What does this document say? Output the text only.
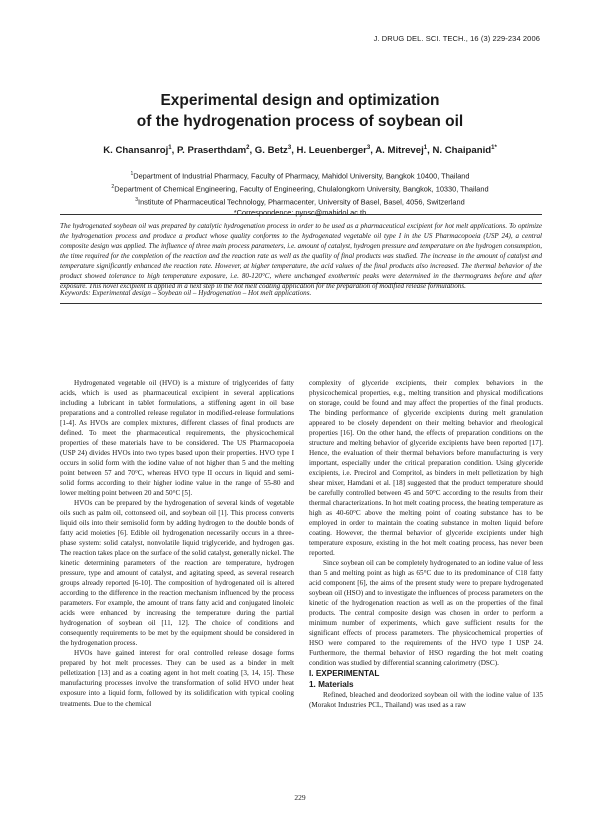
J. DRUG DEL. SCI. TECH., 16 (3) 229-234 2006
Experimental design and optimization
of the hydrogenation process of soybean oil
K. Chansanroj$^1$, P. Praserthdam$^2$, G. Betz$^3$, H. Leuenberger$^3$, A. Mitrevej$^1$, N. Chaipanid$^{1*}$
$^1$Department of Industrial Pharmacy, Faculty of Pharmacy, Mahidol University, Bangkok 10400, Thailand
$^2$Department of Chemical Engineering, Faculty of Engineering, Chulalongkorn University, Bangkok, 10330, Thailand
$^3$Institute of Pharmaceutical Technology, Pharmacenter, University of Basel, Basel, 4056, Switzerland
*Correspondence: pynsc@mahidol.ac.th
The hydrogenated soybean oil was prepared by catalytic hydrogenation process in order to be used as a pharmaceutical excipient for hot melt applications. To optimize the hydrogenation process and produce a product whose quality conforms to the hydrogenated vegetable oil type I in the US Pharmacopoeia (USP 24), a central composite design was applied. The influence of three main process parameters, i.e. amount of catalyst, hydrogen pressure and temperature on the hydrogen consumption, the time required for the completion of the reaction and the reaction rate as well as the quality of final products was studied. The increase in the amount of catalyst and temperature significantly enhanced the reaction rate. However, at higher temperature, the acid values of the final products also increased. The thermal behavior of the product showed tolerance to high temperature exposure, i.e. 80-120°C, where unchanged exothermic peaks were determined in the thermograms before and after exposure. This novel excipient is applied in a next step in the hot melt coating application for the preparation of modified release formulations.
Keywords: Experimental design – Soybean oil – Hydrogenation – Hot melt applications.

Hydrogenated vegetable oil (HVO) is a mixture of triglycerides of fatty acids, which is used as pharmaceutical excipient in several applications including a lubricant in tablet formulations, a stiffening agent in oil base preparations and a controlled release regulator in modified-release formulations [1-4]. As HVOs are complex mixtures, different classes of final products are defined. To meet the pharmaceutical requirements, the physicochemical properties of these materials have to be considered. The US Pharmacopoeia (USP 24) divides HVOs into two types based upon their properties. HVO type I occurs in solid form with the iodine value of not higher than 5 and the melting point between 57 and 70°C, whereas HVO type II occurs in liquid and semi-solid forms according to their higher iodine value in the range of 55-80 and lower melting point between 20 and 50°C [5].

HVOs can be prepared by the hydrogenation of several kinds of vegetable oils such as palm oil, cottonseed oil, and soybean oil [1]. This process converts liquid oils into their semisolid form by adding hydrogen to the double bonds of fatty acid moieties [6]. Edible oil hydrogenation necessarily occurs in a three-phase system: solid catalyst, nonvolatile liquid triglyceride, and hydrogen gas. The reaction takes place on the surface of the solid catalyst, generally nickel. The kinetic determining parameters of the reaction are temperature, hydrogen pressure, type and amount of catalyst, and agitating speed, as several research groups already reported [6-10]. The composition of hydrogenated oil is altered according to the difference in the reaction mechanism influenced by the process parameters. For example, the amount of trans fatty acid and conjugated linoleic acids were enhanced by increasing the temperature during the partial hydrogenation of soybean oil [11, 12]. The choice of conditions and consequently requirements to be met by the equipment should be considered in the hydrogenation process.

HVOs have gained interest for oral controlled release dosage forms prepared by hot melt processes. They can be used as a binder in melt pelletization [13] and as a coating agent in hot melt coating [3, 14, 15]. These manufacturing processes involve the transformation of solid HVO under heat exposure into a liquid form, followed by its solidification with typical cooling treatments. Due to the chemical

complexity of glyceride excipients, their complex behaviors in the physicochemical properties, e.g., melting transition and physical modifications on storage, could be found and may affect the properties of the final products. The binding performance of glyceride excipients during melt granulation appeared to be closely dependent on their melting behavior and rheological properties [16]. On the other hand, the effects of preparation conditions on the structure and melting behavior of glyceride excipients have been reported [17]. Hence, the evaluation of their thermal behaviors before manufacturing is very important, especially under the critical preparation condition. Using glyceride excipients, i.e. Precirol and Compritol, as binders in melt pelletization by high shear mixer, Hamdani et al. [18] suggested that the product temperature should be carefully controlled between 45 and 50°C according to the results from their thermal characterizations. In hot melt coating process, the heating temperature as high as 40-60°C above the melting point of coating substance has to be employed in order to maintain the coating substance in molten liquid before coating. However, the thermal behavior of glyceride excipients under high temperature exposure, existing in the hot melt coating process, has never been reported.

Since soybean oil can be completely hydrogenated to an iodine value of less than 5 and melting point as high as 65°C due to its predominance of C18 fatty acid component [6], the aims of the present study were to prepare hydrogenated soybean oil (HSO) and to investigate the influences of process parameters on the kinetic of the hydrogenation reaction as well as on the properties of the final products. The central composite design was chosen in order to perform a minimum number of experiments, which gave sufficient results for the significant effects of process parameters. The physicochemical properties of HSO were compared to the requirements of the HVO type I USP 24. Furthermore, the thermal behavior of HSO regarding the hot melt coating condition was studied by differential scanning calorimetry (DSC).

I. EXPERIMENTAL

1. Materials

Refined, bleached and deodorized soybean oil with the iodine value of 135 (Morakot Industries PCL, Thailand) was used as a raw

229
